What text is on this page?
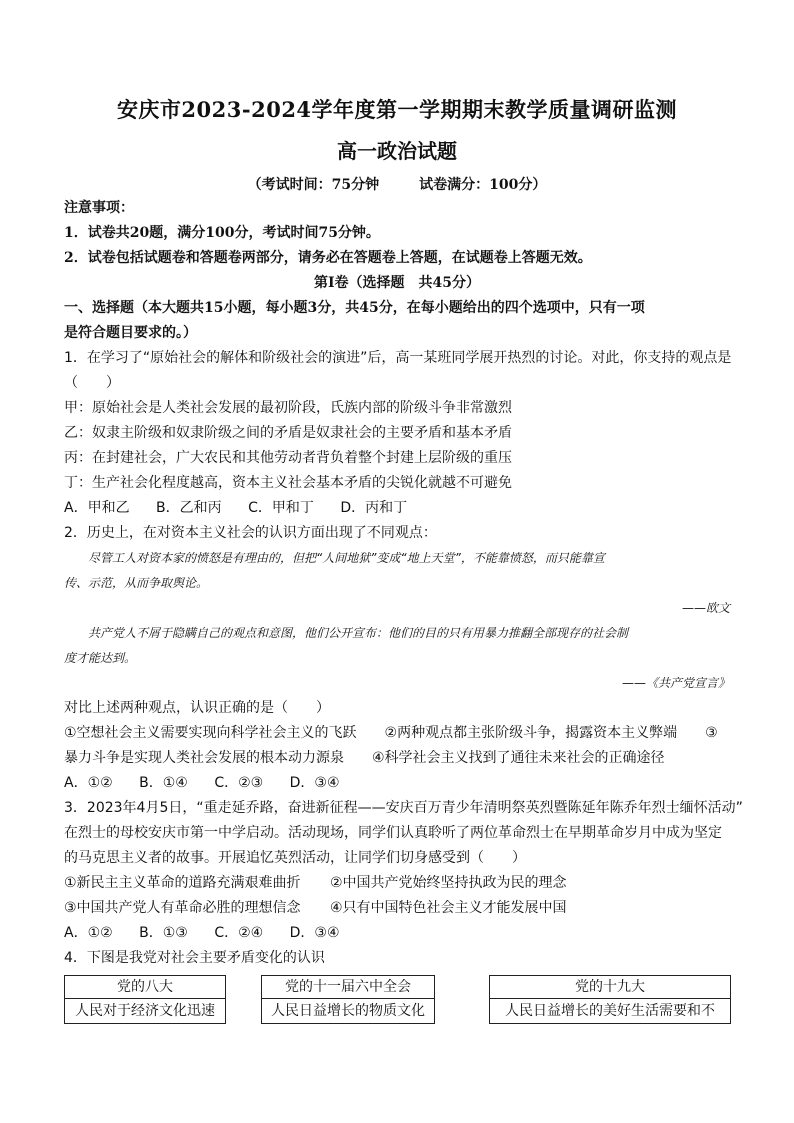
安庆市2023-2024学年度第一学期期末教学质量调研监测
高一政治试题
（考试时间：75分钟	试卷满分：100分）
注意事项：
1．试卷共20题，满分100分，考试时间75分钟。
2．试卷包括试题卷和答题卷两部分，请务必在答题卷上答题，在试题卷上答题无效。
第Ⅰ卷（选择题　共45分）
一、选择题（本大题共15小题，每小题3分，共45分，在每小题给出的四个选项中，只有一项
是符合题目要求的。）
1．在学习了“原始社会的解体和阶级社会的演进”后，高一某班同学展开热烈的讨论。对此，你支持的观点是
（　　）
甲：原始社会是人类社会发展的最初阶段，氏族内部的阶级斗争非常激烈
乙：奴隶主阶级和奴隶阶级之间的矛盾是奴隶社会的主要矛盾和基本矛盾
丙：在封建社会，广大农民和其他劳动者背负着整个封建上层阶级的重压
丁：生产社会化程度越高，资本主义社会基本矛盾的尖锐化就越不可避免
A．甲和乙 B．乙和丙 C．甲和丁 D．丙和丁
2．历史上，在对资本主义社会的认识方面出现了不同观点：
尽管工人对资本家的愤怒是有理由的，但把“人间地狱”变成“地上天堂”，不能靠愤怒，而只能靠宣
传、示范，从而争取舆论。
——欧文
共产党人不屑于隐瞒自己的观点和意图，他们公开宣布：他们的目的只有用暴力推翻全部现存的社会制
度才能达到。
——《共产党宣言》
对比上述两种观点，认识正确的是（　　）
①空想社会主义需要实现向科学社会主义的飞跃　　②两种观点都主张阶级斗争，揭露资本主义弊端　　③
暴力斗争是实现人类社会发展的根本动力源泉　　④科学社会主义找到了通往未来社会的正确途径
A．①② B．①④ C．②③ D．③④
3．2023年4月5日，“重走延乔路，奋进新征程——安庆百万青少年清明祭英烈暨陈延年陈乔年烈士缅怀活动”
在烈士的母校安庆市第一中学启动。活动现场，同学们认真聆听了两位革命烈士在早期革命岁月中成为坚定
的马克思主义者的故事。开展追忆英烈活动，让同学们切身感受到（　　）
①新民主主义革命的道路充满艰难曲折 ②中国共产党始终坚持执政为民的理念
③中国共产党人有革命必胜的理想信念 ④只有中国特色社会主义才能发展中国
A．①② B．①③ C．②④ D．③④
4．下图是我党对社会主要矛盾变化的认识
党的八大
人民对于经济文化迅速
党的十一届六中全会
人民日益增长的物质文化
党的十九大
人民日益增长的美好生活需要和不
